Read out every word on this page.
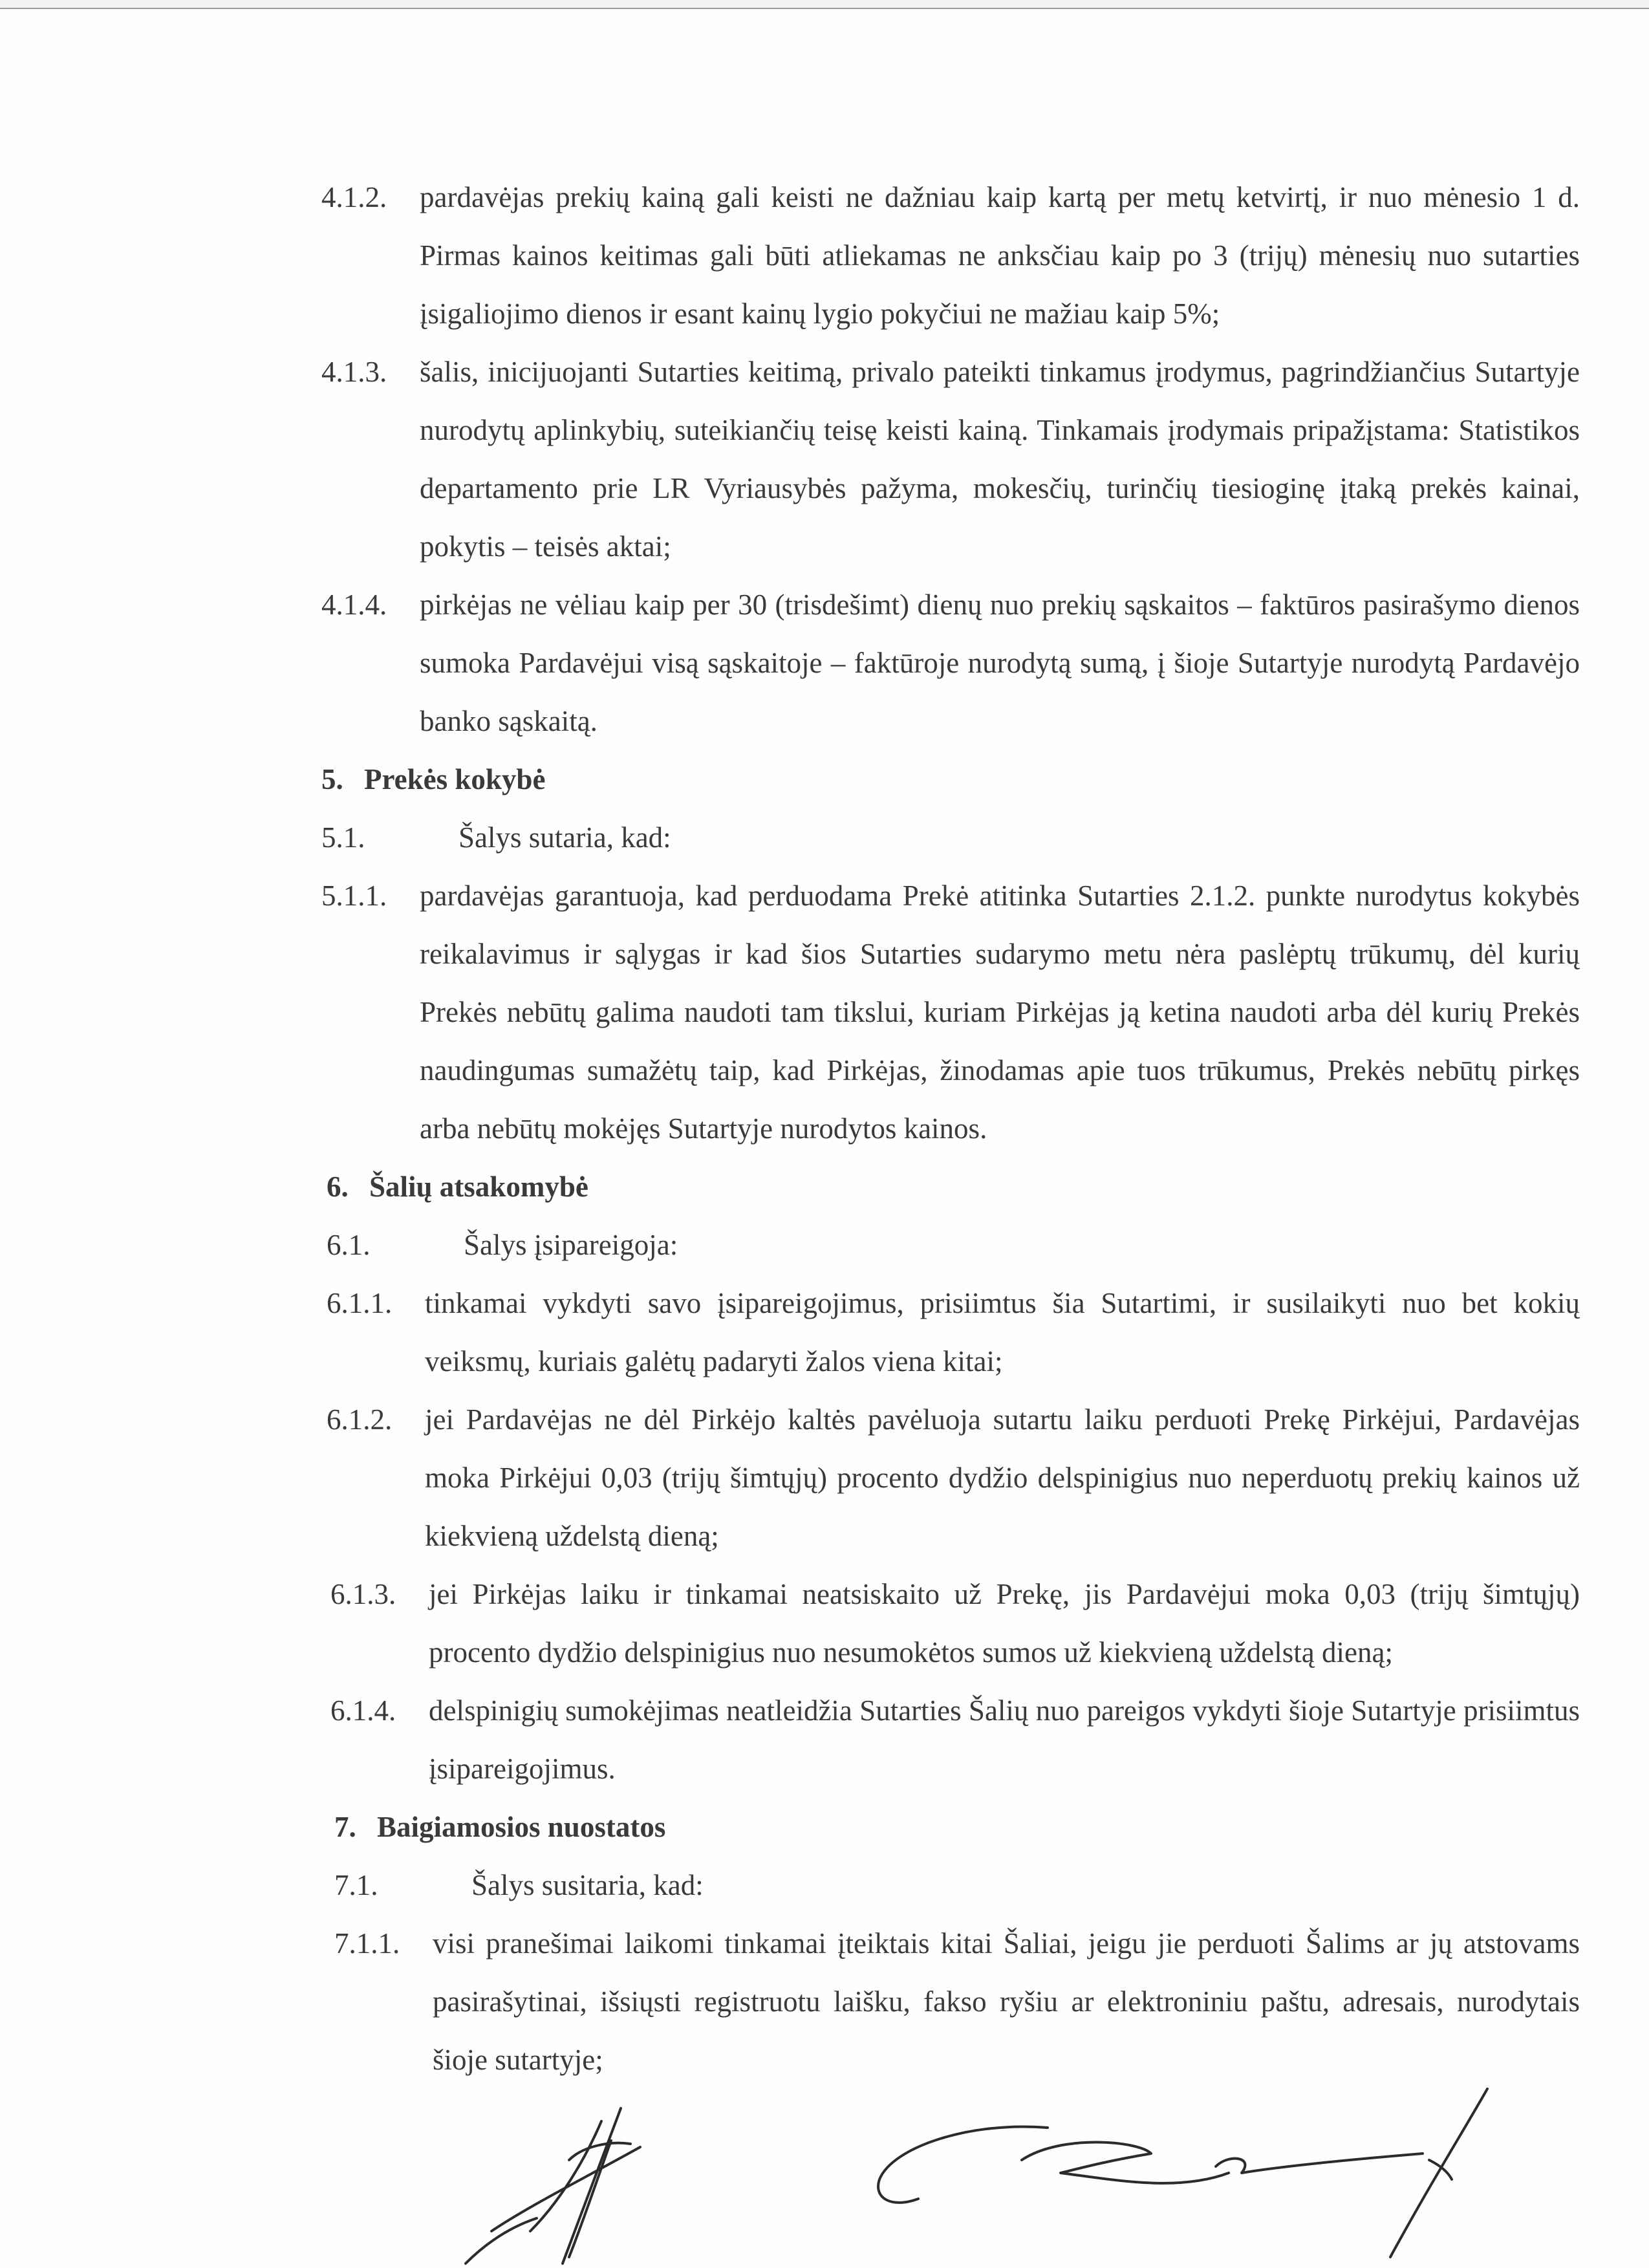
4.1.2. pardavėjas prekių kainą gali keisti ne dažniau kaip kartą per metų ketvirtį, ir nuo mėnesio 1 d. Pirmas kainos keitimas gali būti atliekamas ne anksčiau kaip po 3 (trijų) mėnesių nuo sutarties įsigaliojimo dienos ir esant kainų lygio pokyčiui ne mažiau kaip 5%;
4.1.3. šalis, inicijuojanti Sutarties keitimą, privalo pateikti tinkamus įrodymus, pagrindžiančius Sutartyje nurodytų aplinkybių, suteikiančių teisę keisti kainą. Tinkamais įrodymais pripažįstama: Statistikos departamento prie LR Vyriausybės pažyma, mokesčių, turinčių tiesioginę įtaką prekės kainai, pokytis – teisės aktai;
4.1.4. pirkėjas ne vėliau kaip per 30 (trisdešimt) dienų nuo prekių sąskaitos – faktūros pasirašymo dienos sumoka Pardavėjui visą sąskaitoje – faktūroje nurodytą sumą, į šioje Sutartyje nurodytą Pardavėjo banko sąskaitą.
5. Prekės kokybė
5.1.	Šalys sutaria, kad:
5.1.1. pardavėjas garantuoja, kad perduodama Prekė atitinka Sutarties 2.1.2. punkte nurodytus kokybės reikalavimus ir sąlygas ir kad šios Sutarties sudarymo metu nėra paslėptų trūkumų, dėl kurių Prekės nebūtų galima naudoti tam tikslui, kuriam Pirkėjas ją ketina naudoti arba dėl kurių Prekės naudingumas sumažėtų taip, kad Pirkėjas, žinodamas apie tuos trūkumus, Prekės nebūtų pirkęs arba nebūtų mokėjęs Sutartyje nurodytos kainos.
6. Šalių atsakomybė
6.1.	Šalys įsipareigoja:
6.1.1. tinkamai vykdyti savo įsipareigojimus, prisiimtus šia Sutartimi, ir susilaikyti nuo bet kokių veiksmų, kuriais galėtų padaryti žalos viena kitai;
6.1.2. jei Pardavėjas ne dėl Pirkėjo kaltės pavėluoja sutartu laiku perduoti Prekę Pirkėjui, Pardavėjas moka Pirkėjui 0,03 (trijų šimtųjų) procento dydžio delspinigius nuo neperduotų prekių kainos už kiekvieną uždelstą dieną;
6.1.3. jei Pirkėjas laiku ir tinkamai neatsiskaito už Prekę, jis Pardavėjui moka 0,03 (trijų šimtųjų) procento dydžio delspinigius nuo nesumokėtos sumos už kiekvieną uždelstą dieną;
6.1.4. delspinigių sumokėjimas neatleidžia Sutarties Šalių nuo pareigos vykdyti šioje Sutartyje prisiimtus įsipareigojimus.
7. Baigiamosios nuostatos
7.1.	Šalys susitaria, kad:
7.1.1. visi pranešimai laikomi tinkamai įteiktais kitai Šaliai, jeigu jie perduoti Šalims ar jų atstovams pasirašytinai, išsiųsti registruotu laišku, fakso ryšiu ar elektroniniu paštu, adresais, nurodytais šioje sutartyje;
